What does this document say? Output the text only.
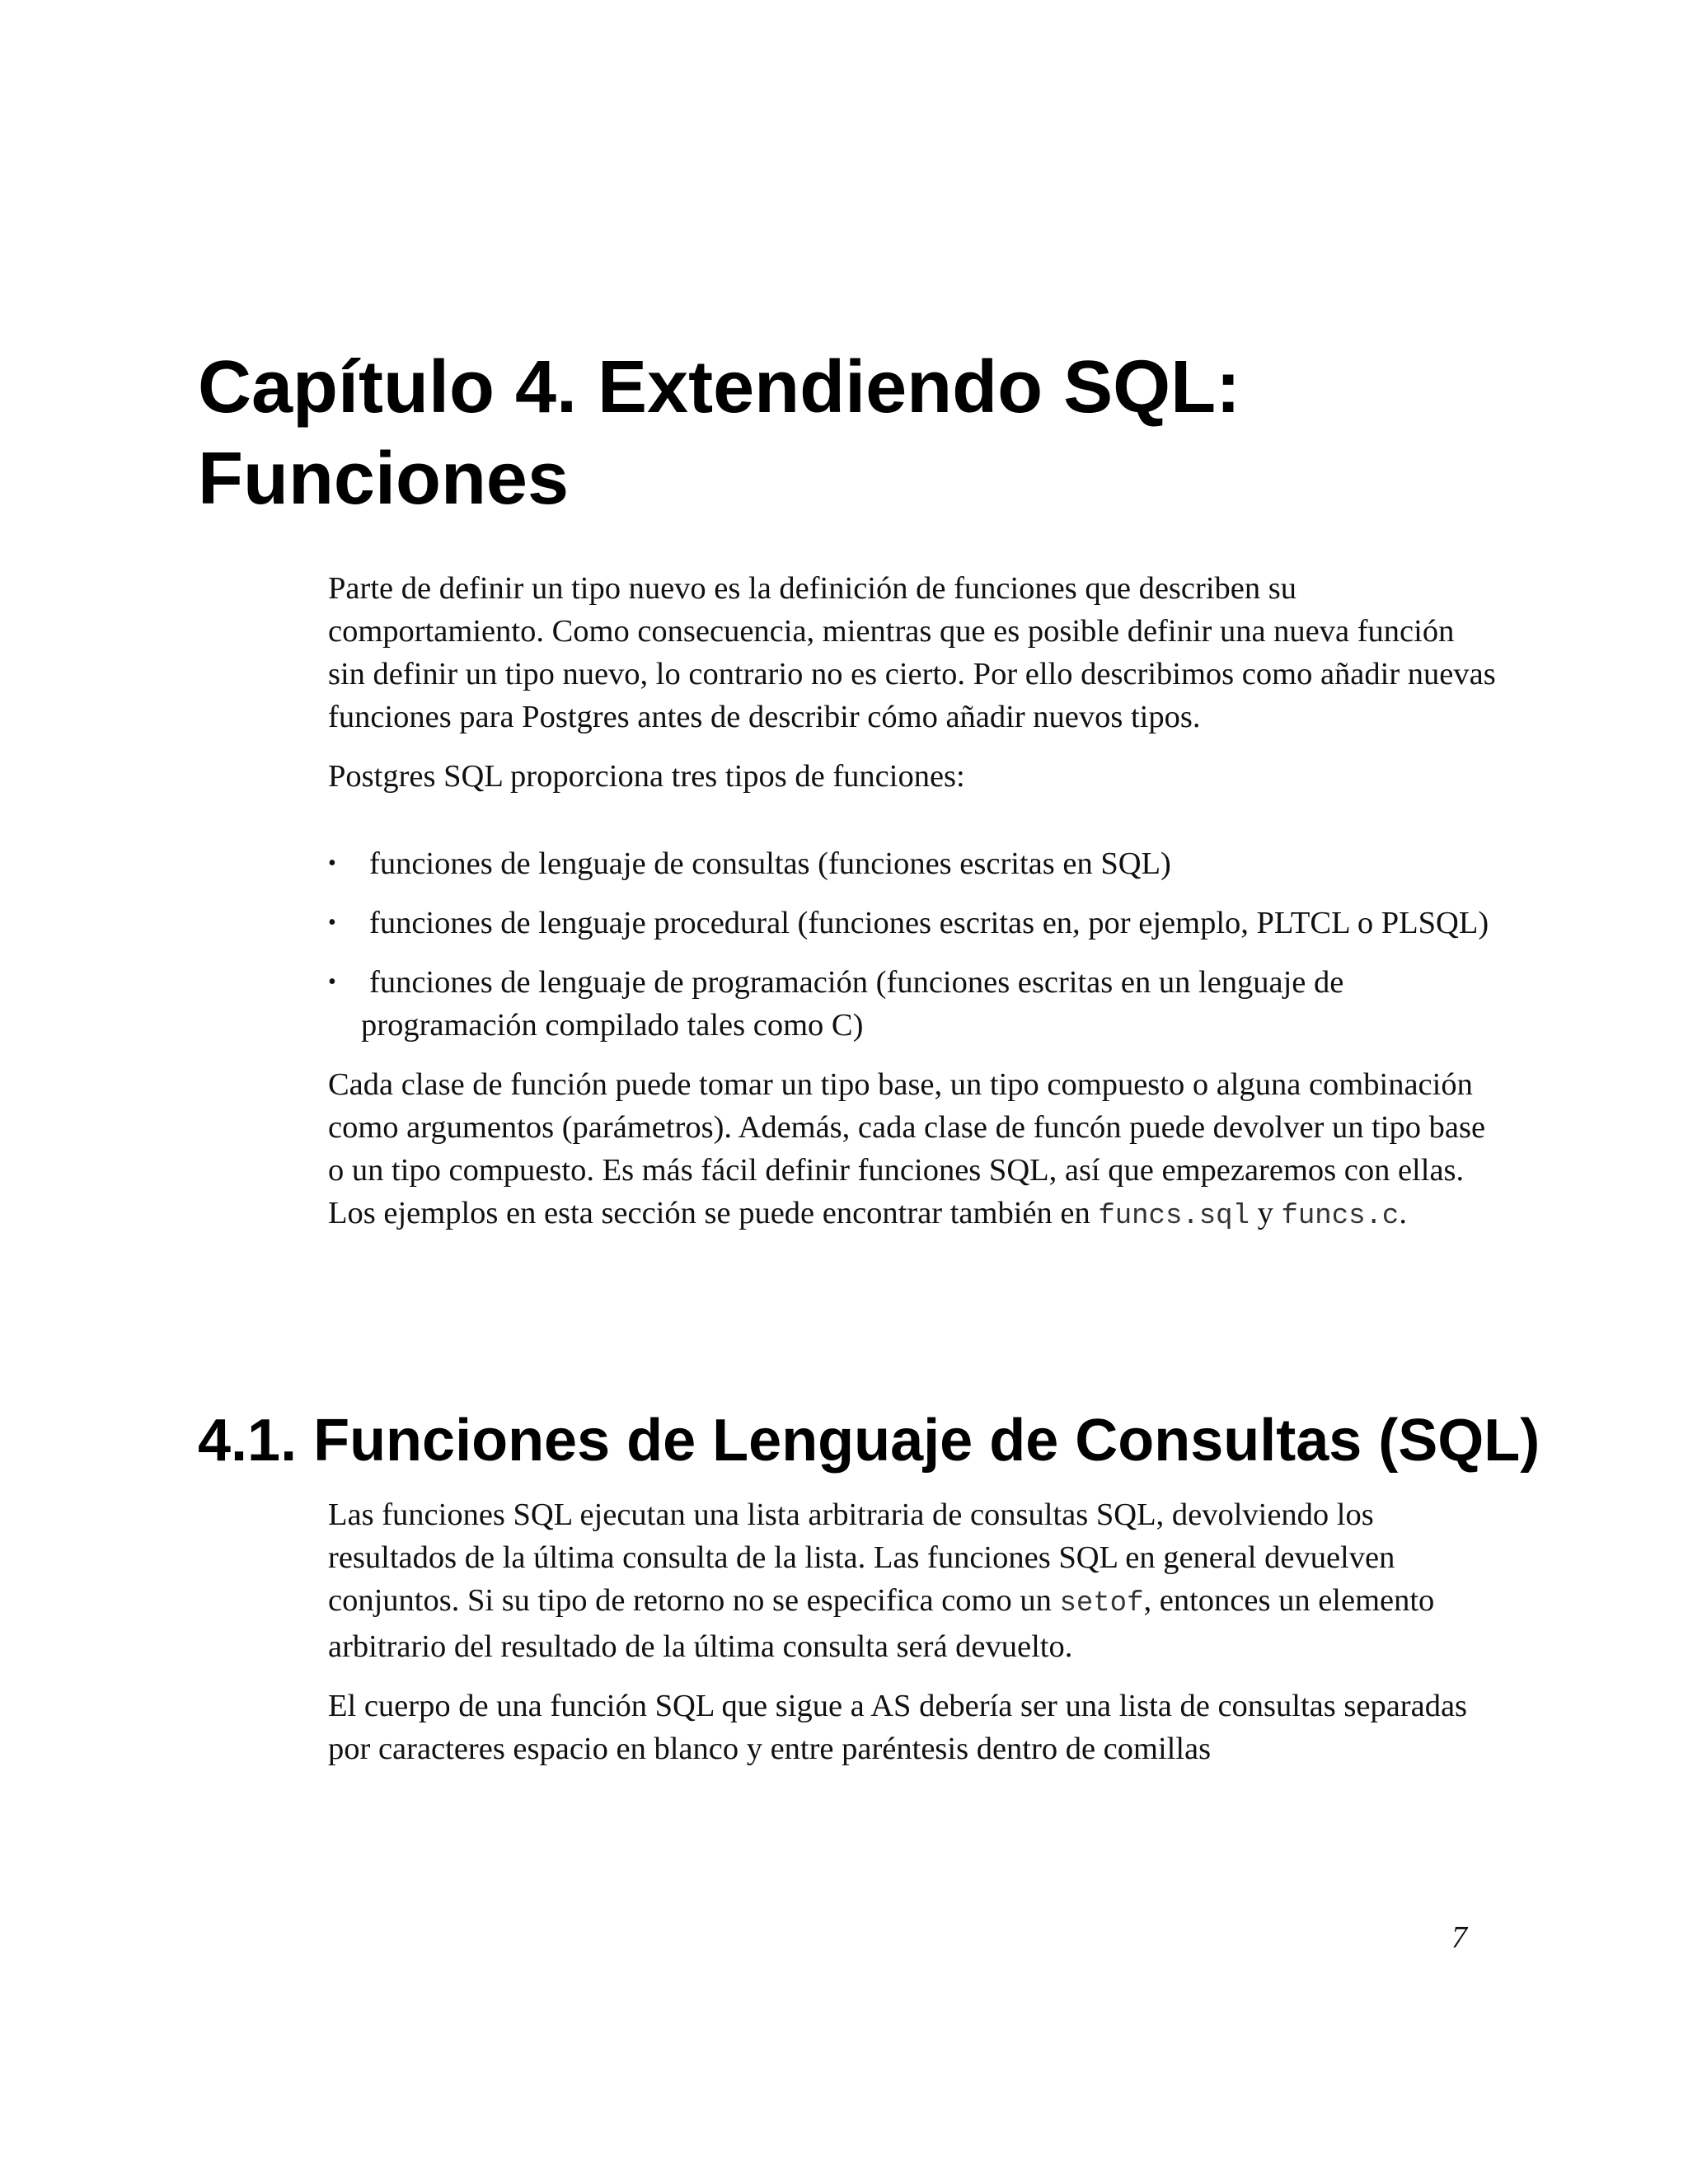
Capítulo 4. Extendiendo SQL:
Funciones

Parte de definir un tipo nuevo es la definición de funciones que describen su comportamiento. Como consecuencia, mientras que es posible definir una nueva función sin definir un tipo nuevo, lo contrario no es cierto. Por ello describimos como añadir nuevas funciones para Postgres antes de describir cómo añadir nuevos tipos.

Postgres SQL proporciona tres tipos de funciones:

• funciones de lenguaje de consultas (funciones escritas en SQL)
• funciones de lenguaje procedural (funciones escritas en, por ejemplo, PLTCL o PLSQL)
• funciones de lenguaje de programación (funciones escritas en un lenguaje de programación compilado tales como C)

Cada clase de función puede tomar un tipo base, un tipo compuesto o alguna combinación como argumentos (parámetros). Además, cada clase de funcón puede devolver un tipo base o un tipo compuesto. Es más fácil definir funciones SQL, así que empezaremos con ellas. Los ejemplos en esta sección se puede encontrar también en funcs.sql y funcs.c.

4.1. Funciones de Lenguaje de Consultas (SQL)

Las funciones SQL ejecutan una lista arbitraria de consultas SQL, devolviendo los resultados de la última consulta de la lista. Las funciones SQL en general devuelven conjuntos. Si su tipo de retorno no se especifica como un setof, entonces un elemento arbitrario del resultado de la última consulta será devuelto.

El cuerpo de una función SQL que sigue a AS debería ser una lista de consultas separadas por caracteres espacio en blanco y entre paréntesis dentro de comillas

7
